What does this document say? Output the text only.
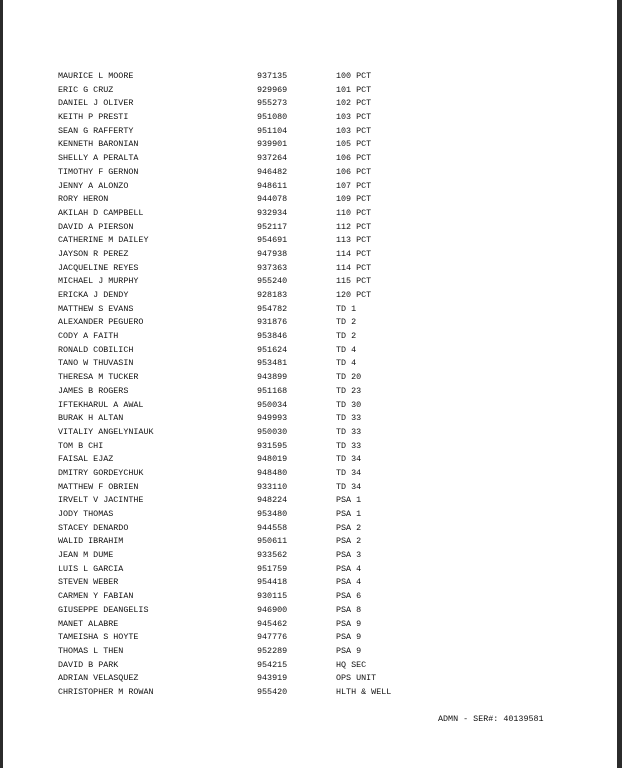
MAURICE L MOORE	937135	100 PCT
ERIC G CRUZ	929969	101 PCT
DANIEL J OLIVER	955273	102 PCT
KEITH P PRESTI	951080	103 PCT
SEAN G RAFFERTY	951104	103 PCT
KENNETH BARONIAN	939901	105 PCT
SHELLY A PERALTA	937264	106 PCT
TIMOTHY F GERNON	946482	106 PCT
JENNY A ALONZO	948611	107 PCT
RORY HERON	944078	109 PCT
AKILAH D CAMPBELL	932934	110 PCT
DAVID A PIERSON	952117	112 PCT
CATHERINE M DAILEY	954691	113 PCT
JAYSON R PEREZ	947938	114 PCT
JACQUELINE REYES	937363	114 PCT
MICHAEL J MURPHY	955240	115 PCT
ERICKA J DENDY	928183	120 PCT
MATTHEW S EVANS	954782	TD 1
ALEXANDER PEGUERO	931876	TD 2
CODY A FAITH	953846	TD 2
RONALD COBILICH	951624	TD 4
TANO W THUVASIN	953481	TD 4
THERESA M TUCKER	943899	TD 20
JAMES B ROGERS	951168	TD 23
IFTEKHARUL A AWAL	950034	TD 30
BURAK H ALTAN	949993	TD 33
VITALIY ANGELYNIAUK	950030	TD 33
TOM B CHI	931595	TD 33
FAISAL EJAZ	948019	TD 34
DMITRY GORDEYCHUK	948480	TD 34
MATTHEW F OBRIEN	933110	TD 34
IRVELT V JACINTHE	948224	PSA 1
JODY THOMAS	953480	PSA 1
STACEY DENARDO	944558	PSA 2
WALID IBRAHIM	950611	PSA 2
JEAN M DUME	933562	PSA 3
LUIS L GARCIA	951759	PSA 4
STEVEN WEBER	954418	PSA 4
CARMEN Y FABIAN	930115	PSA 6
GIUSEPPE DEANGELIS	946900	PSA 8
MANET ALABRE	945462	PSA 9
TAMEISHA S HOYTE	947776	PSA 9
THOMAS L THEN	952289	PSA 9
DAVID B PARK	954215	HQ SEC
ADRIAN VELASQUEZ	943919	OPS UNIT
CHRISTOPHER M ROWAN	955420	HLTH & WELL
ADMN - SER#: 40139581
